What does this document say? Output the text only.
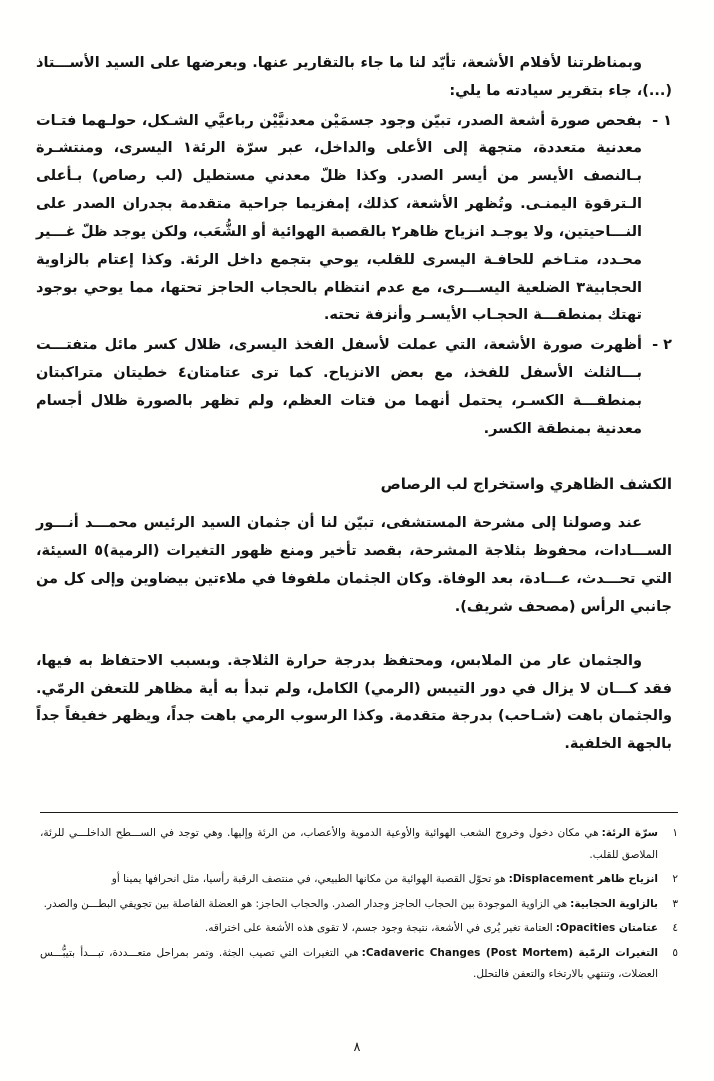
وبمناظرتنا لأفلام الأشعة، تأيّد لنا ما جاء بالتقارير عنها. وبعرضها على السيد الأســـتاذ (...)، جاء بتقرير سيادته ما يلي:

١ -
بفحص صورة أشعة الصدر، تبيّن وجود جسمَيْن معدنيَّيْن رباعيَّي الشـكل، حولـهما فتـات معدنية متعددة، متجهة إلى الأعلى والداخل، عبر سرّة الرئة١ اليسرى، ومنتشـرة بـالنصف الأيسر من أيسر الصدر. وكذا ظلّ معدني مستطيل (لب رصاص) بـأعلى الـترقوة اليمنـى. وتُظهر الأشعة، كذلك، إمفزيما جراحية متقدمة بجدران الصدر على النـــاحيتين، ولا يوجـد انزياح ظاهر٢ بالقصبة الهوائية أو الشُّعَب، ولكن يوجد ظلّ غـــير محـدد، متـاخم للحافـة اليسرى للقلب، يوحي بتجمع داخل الرئة. وكذا إعتام بالزاوية الحجابية٣ الضلعية اليســـرى، مع عدم انتظام بالحجاب الحاجز تحتها، مما يوحي بوجود تهتك بمنطقـــة الحجـاب الأيسـر وأنزفة تحته.
٢ -
أظهرت صورة الأشعة، التي عملت لأسفل الفخذ اليسرى، ظلال كسر مائل متفتـــت بـــالثلث الأسفل للفخذ، مع بعض الانزياح. كما ترى عتامتان٤ خطيتان متراكبتان بمنطقـــة الكسـر، يحتمل أنهما من فتات العظم، ولم تظهر بالصورة ظلال أجسام معدنية بمنطقة الكسر.
الكشف الظاهري واستخراج لب الرصاص

عند وصولنا إلى مشرحة المستشفى، تبيّن لنا أن جثمان السيد الرئيس محمـــد أنـــور الســـادات، محفوظ بثلاجة المشرحة، بقصد تأخير ومنع ظهور التغيرات (الرمية)٥ السيئة، التي تحـــدث، عـــادة، بعد الوفاة. وكان الجثمان ملفوفا في ملاءتين بيضاوين وإلى كل من جانبي الرأس (مصحف شريف).

والجثمان عار من الملابس، ومحتفظ بدرجة حرارة الثلاجة. وبسبب الاحتفاظ به فيها، فقد كـــان لا يزال في دور التيبس (الرمي) الكامل، ولم تبدأ به أية مظاهر للتعفن الرمّي. والجثمان باهت (شـاحب) بدرجة متقدمة. وكذا الرسوب الرمي باهت جداً، ويظهر خفيفاً جداً بالجهة الخلفية.

١
سرّة الرئة:هي مكان دخول وخروج الشعب الهوائية والأوعية الدموية والأعصاب، من الرئة وإليها. وهي توجد في الســـطح الداخلـــي للرئة، الملاصق للقلب.
٢
انزياح ظاهر Displacement:هو تحوّل القصبة الهوائية من مكانها الطبيعي، في منتصف الرقبة رأسيا، مثل انحرافها يمينا أو
٣
بالزاوية الحجابية:هي الزاوية الموجودة بين الحجاب الحاجز وجدار الصدر. والحجاب الحاجز: هو العضلة الفاصلة بين تجويفي البطـــن والصدر.
٤
عتامتان Opacities:العتامة تغير يُرى في الأشعة، نتيجة وجود جسم، لا تقوى هذه الأشعة على اختراقه.
٥
التغيرات الرمّية (Cadaveric Changes (Post Mortem:هي التغيرات التي تصيب الجثة. وتمر بمراحل متعـــددة، تبـــدأ بتيبُّـــس العضلات، وتنتهي بالارتخاء والتعفن فالتحلل.
٨
